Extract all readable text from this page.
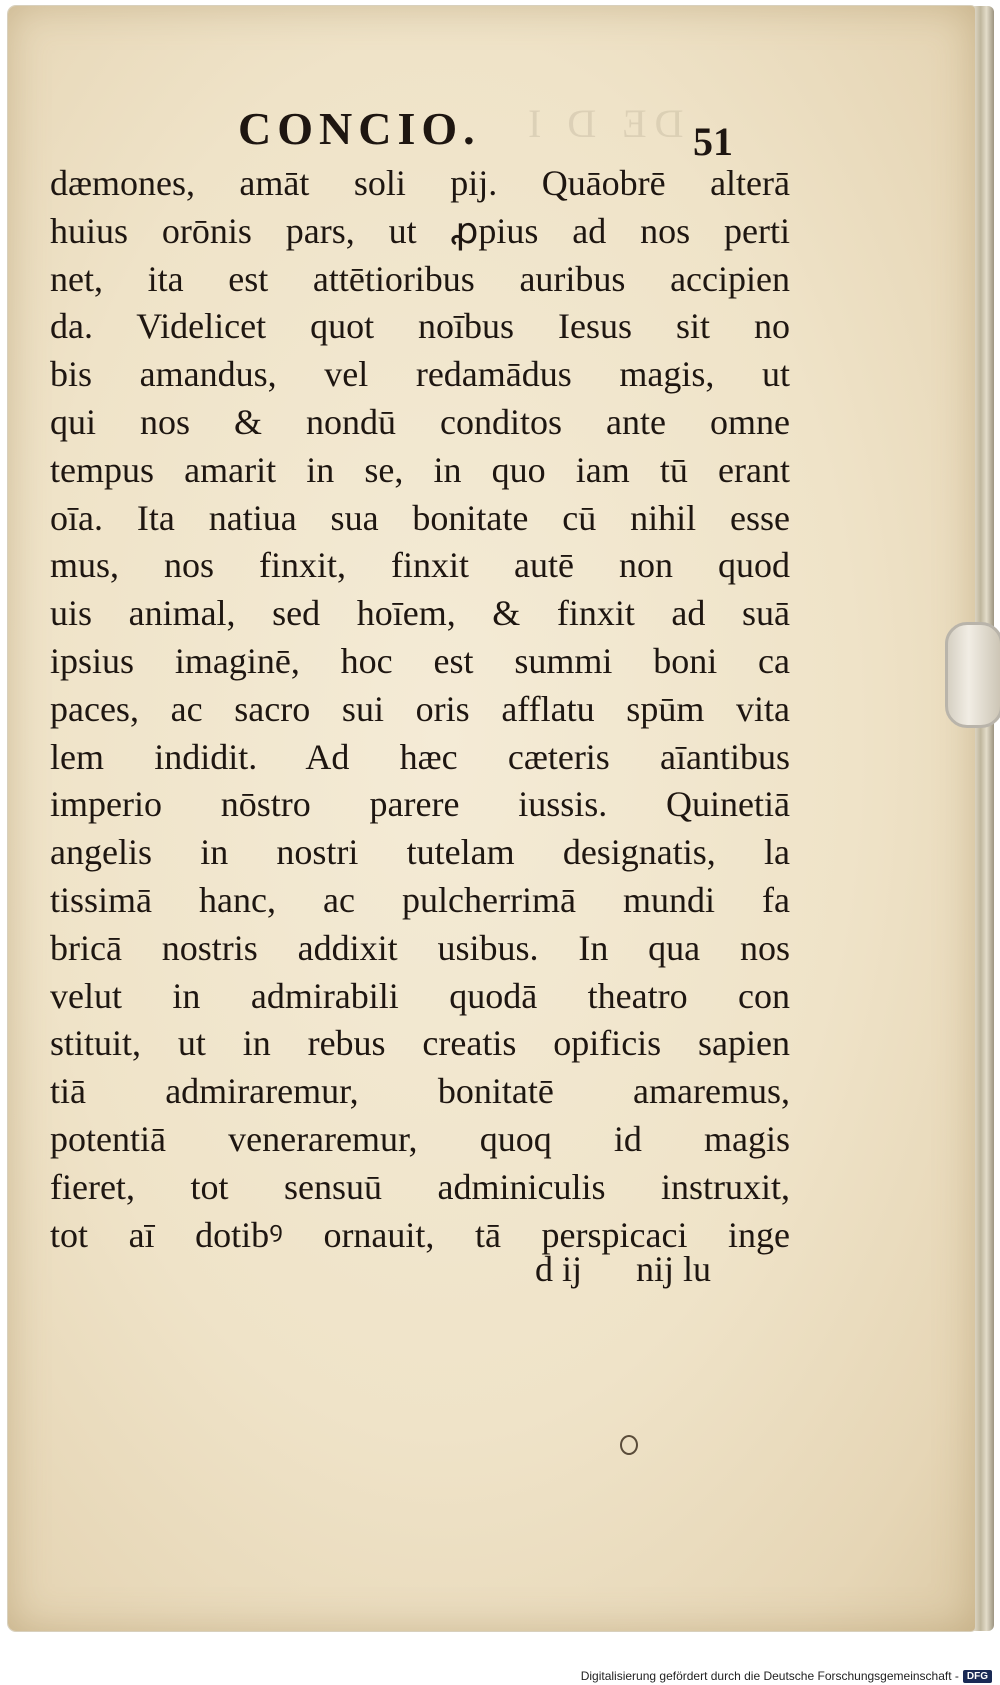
DE D I
CONCIO.	51
dæmones, amāt soli pij. Quāobrē alterā
huius orōnis pars, ut ꝓpius ad nos perti
net, ita est attētioribus auribus accipien
da. Videlicet quot noībus Iesus sit no
bis amandus, vel redamādus magis, ut
qui nos & nondū conditos ante omne
tempus amarit in se, in quo iam tū erant
oīa. Ita natiua sua bonitate cū nihil esse
mus, nos finxit, finxit autē non quod
uis animal, sed hoīem, & finxit ad suā
ipsius imaginē, hoc est summi boni ca
paces, ac sacro sui oris afflatu spūm vita
lem indidit. Ad hæc cæteris aīantibus
imperio nōstro parere iussis. Quinetiā
angelis in nostri tutelam designatis, la
tissimā hanc, ac pulcherrimā mundi fa
bricā nostris addixit usibus. In qua nos
velut in admirabili quodā theatro con
stituit, ut in rebus creatis opificis sapien
tiā admiraremur, bonitatē amaremus,
potentiā veneraremur, quoq id magis
fieret, tot sensuū adminiculis instruxit,
tot aī dotibꝰ ornauit, tā perspicaci inge
d ij nij lu
Digitalisierung gefördert durch die Deutsche Forschungsgemeinschaft - DFG
